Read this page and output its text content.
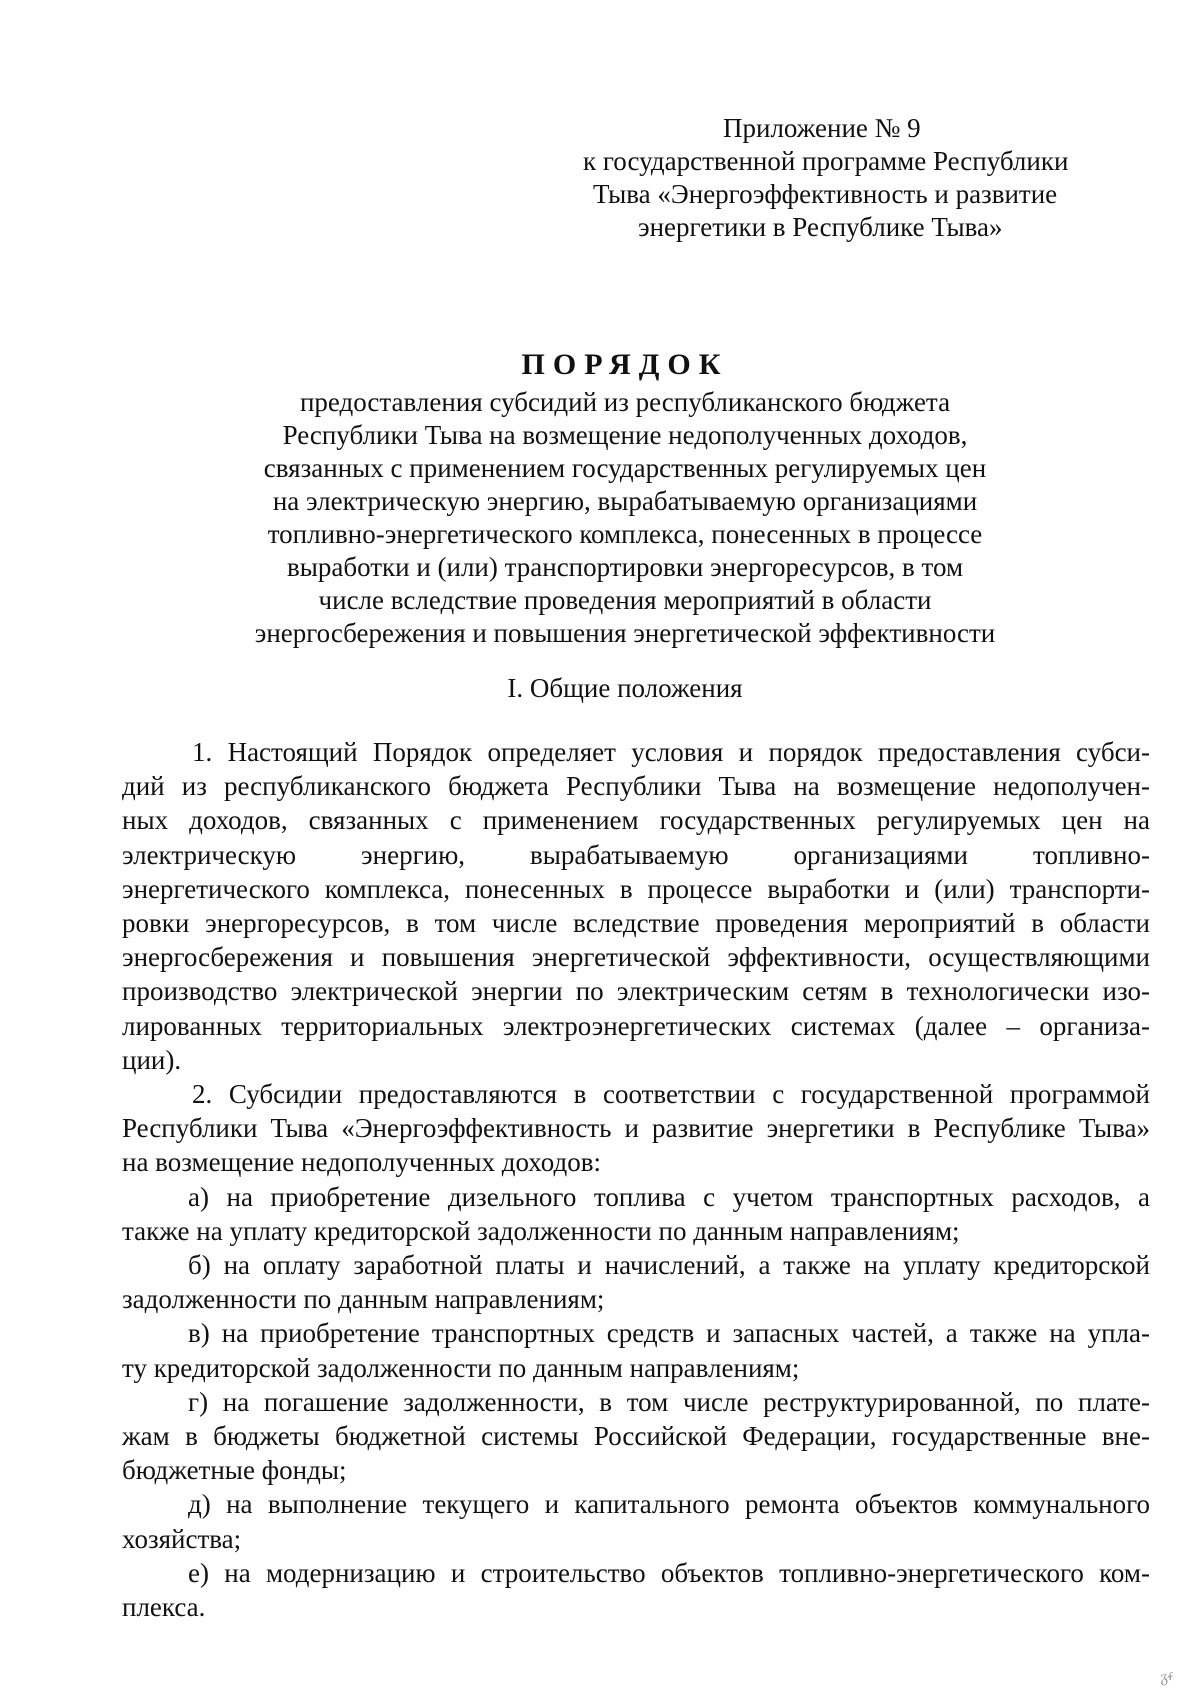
Приложение № 9
к государственной программе Республики
Тыва «Энергоэффективность и развитие
энергетики в Республике Тыва»
ПОРЯДОК
предоставления субсидий из республиканского бюджета
Республики Тыва на возмещение недополученных доходов,
связанных с применением государственных регулируемых цен
на электрическую энергию, вырабатываемую организациями
топливно-энергетического комплекса, понесенных в процессе
выработки и (или) транспортировки энергоресурсов, в том
числе вследствие проведения мероприятий в области
энергосбережения и повышения энергетической эффективности
I. Общие положения
1. Настоящий Порядок определяет условия и порядок предоставления субси-
дий из республиканского бюджета Республики Тыва на возмещение недополучен-
ных доходов, связанных с применением государственных регулируемых цен на
электрическую энергию, вырабатываемую организациями топливно-
энергетического комплекса, понесенных в процессе выработки и (или) транспорти-
ровки энергоресурсов, в том числе вследствие проведения мероприятий в области
энергосбережения и повышения энергетической эффективности, осуществляющими
производство электрической энергии по электрическим сетям в технологически изо-
лированных территориальных электроэнергетических системах (далее – организа-
ции).
2. Субсидии предоставляются в соответствии с государственной программой
Республики Тыва «Энергоэффективность и развитие энергетики в Республике Тыва»
на возмещение недополученных доходов:
а) на приобретение дизельного топлива с учетом транспортных расходов, а
также на уплату кредиторской задолженности по данным направлениям;
б) на оплату заработной платы и начислений, а также на уплату кредиторской
задолженности по данным направлениям;
в) на приобретение транспортных средств и запасных частей, а также на упла-
ту кредиторской задолженности по данным направлениям;
г) на погашение задолженности, в том числе реструктурированной, по плате-
жам в бюджеты бюджетной системы Российской Федерации, государственные вне-
бюджетные фонды;
д) на выполнение текущего и капитального ремонта объектов коммунального
хозяйства;
е) на модернизацию и строительство объектов топливно-энергетического ком-
плекса.
ᵹᵳ
